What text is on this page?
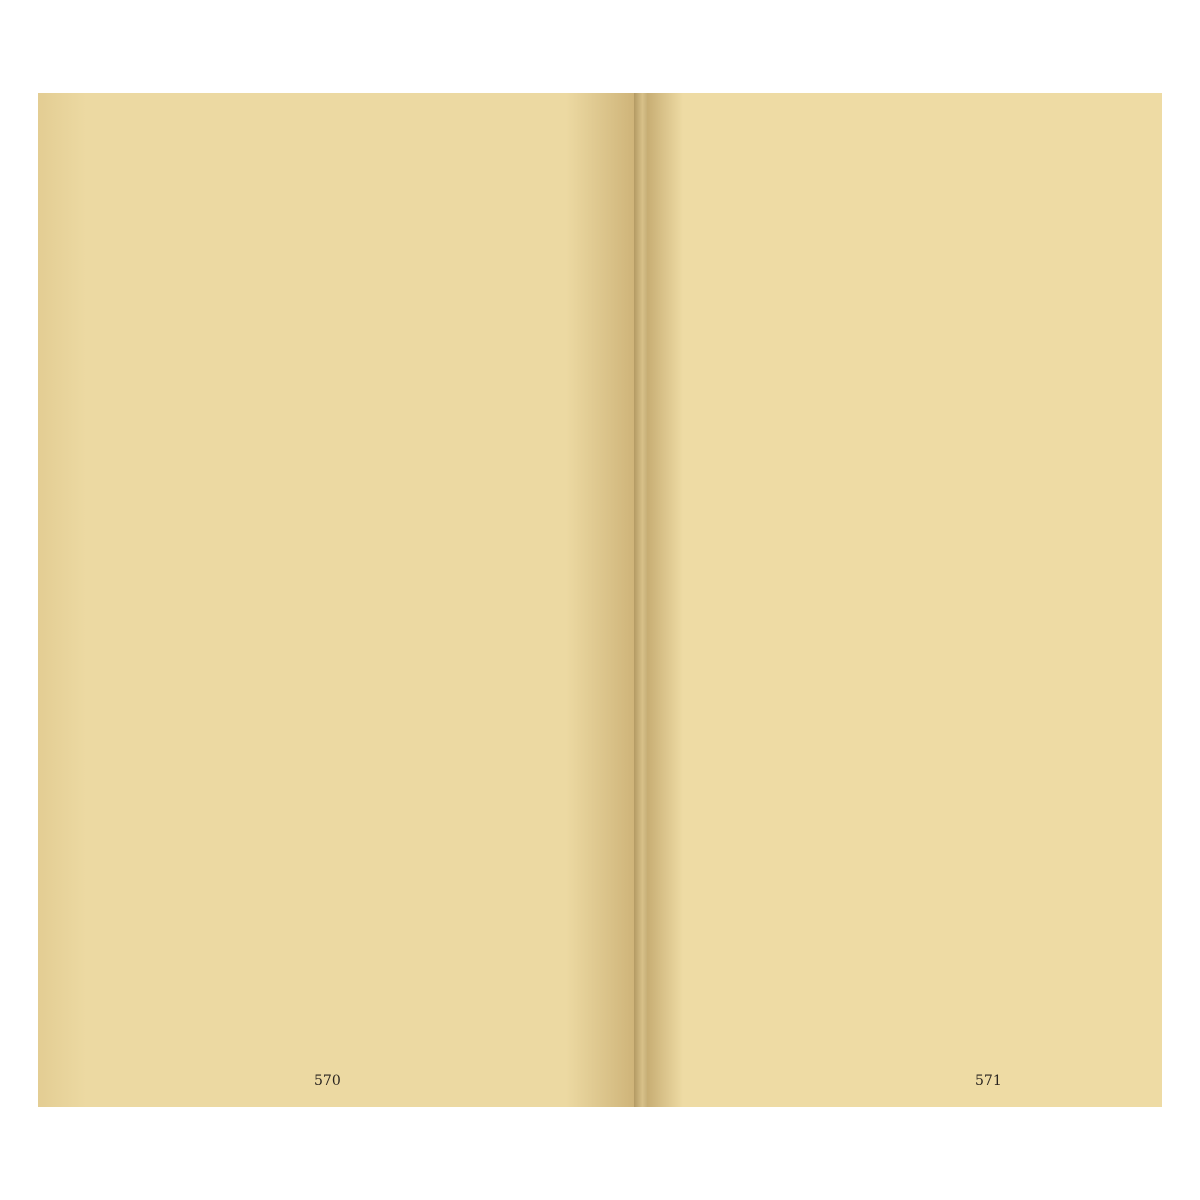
570	571
